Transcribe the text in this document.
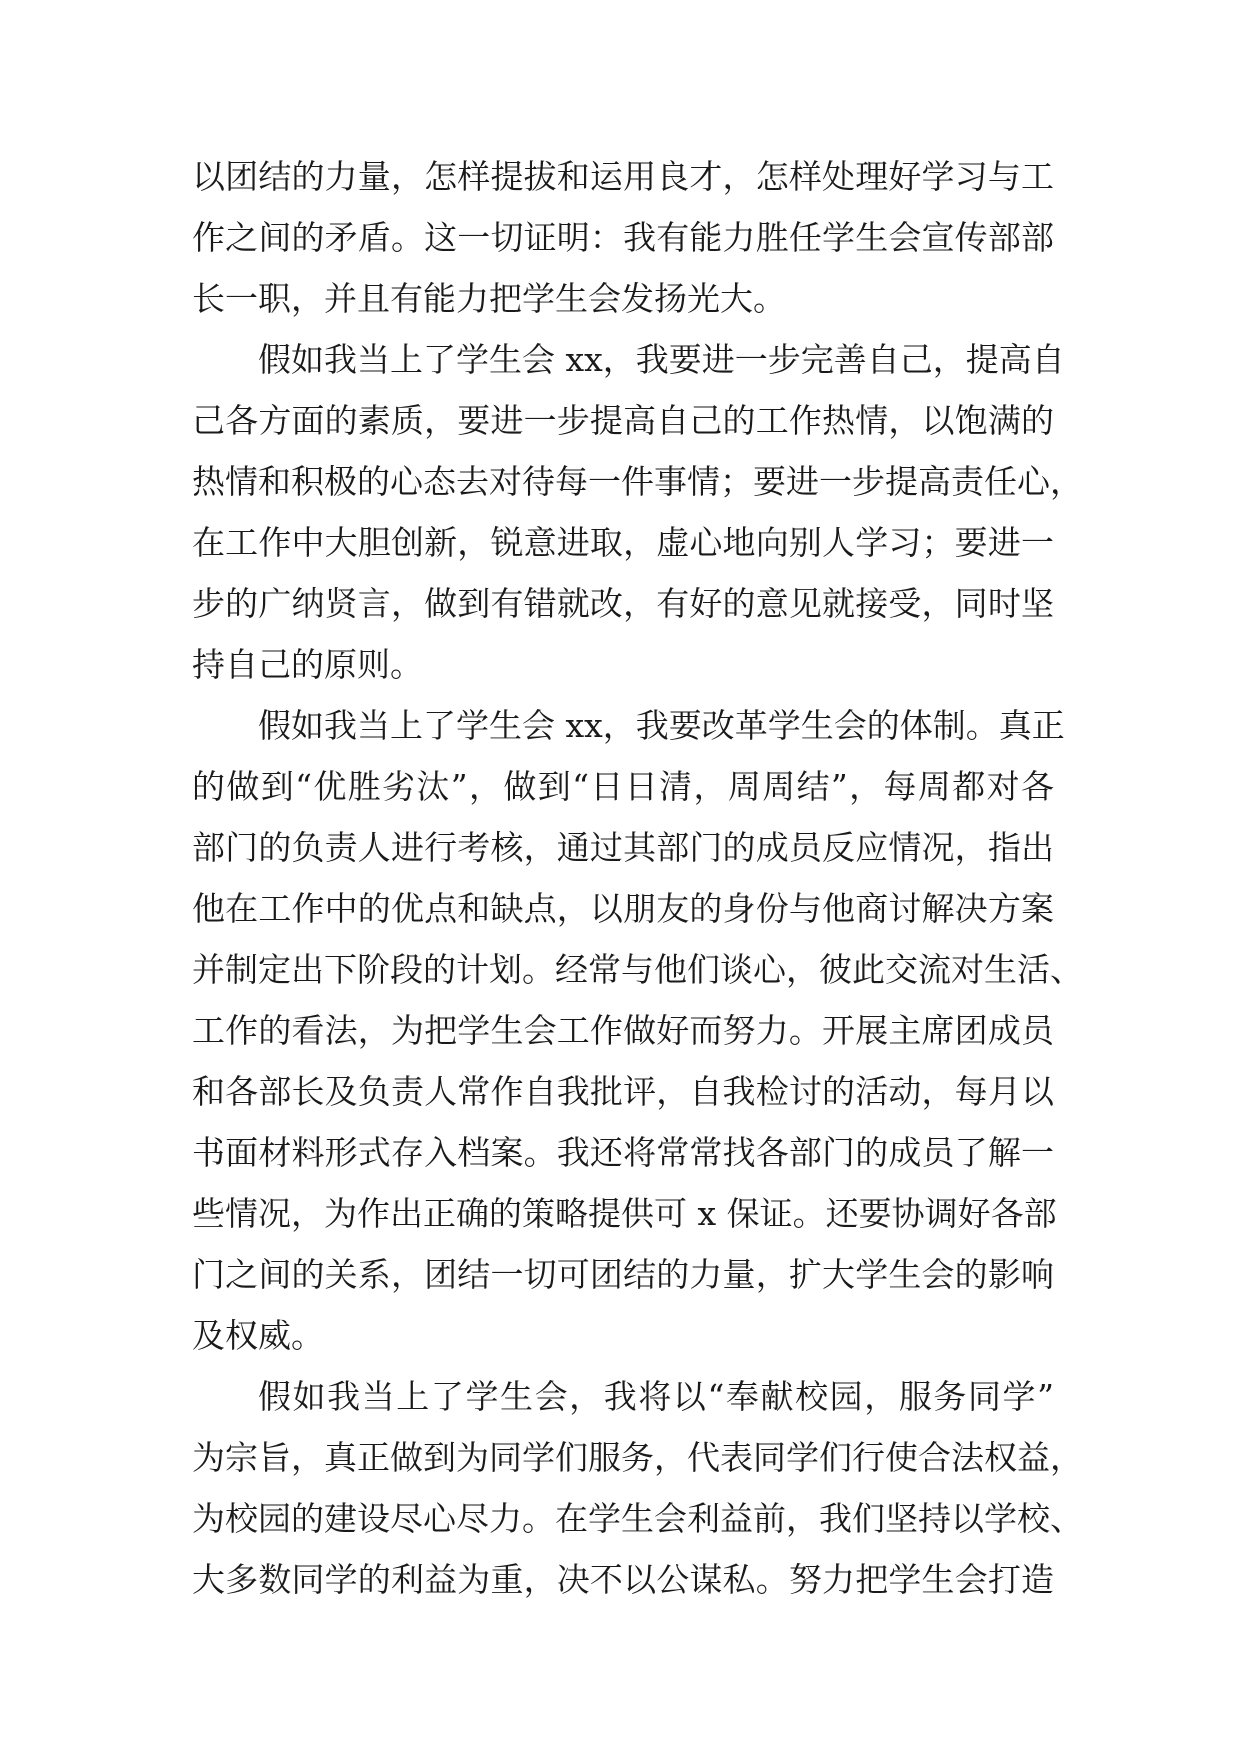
以团结的力量，怎样提拔和运用良才，怎样处理好学习与工
作之间的矛盾。这一切证明：我有能力胜任学生会宣传部部
长一职，并且有能力把学生会发扬光大。
假如我当上了学生会 xx，我要进一步完善自己，提高自
己各方面的素质，要进一步提高自己的工作热情，以饱满的
热情和积极的心态去对待每一件事情；要进一步提高责任心，
在工作中大胆创新，锐意进取，虚心地向别人学习；要进一
步的广纳贤言，做到有错就改，有好的意见就接受，同时坚
持自己的原则。
假如我当上了学生会 xx，我要改革学生会的体制。真正
的做到“优胜劣汰”，做到“日日清，周周结”，每周都对各
部门的负责人进行考核，通过其部门的成员反应情况，指出
他在工作中的优点和缺点，以朋友的身份与他商讨解决方案
并制定出下阶段的计划。经常与他们谈心，彼此交流对生活、
工作的看法，为把学生会工作做好而努力。开展主席团成员
和各部长及负责人常作自我批评，自我检讨的活动，每月以
书面材料形式存入档案。我还将常常找各部门的成员了解一
些情况，为作出正确的策略提供可 x 保证。还要协调好各部
门之间的关系，团结一切可团结的力量，扩大学生会的影响
及权威。
假如我当上了学生会，我将以“奉献校园，服务同学”
为宗旨，真正做到为同学们服务，代表同学们行使合法权益，
为校园的建设尽心尽力。在学生会利益前，我们坚持以学校、
大多数同学的利益为重，决不以公谋私。努力把学生会打造
